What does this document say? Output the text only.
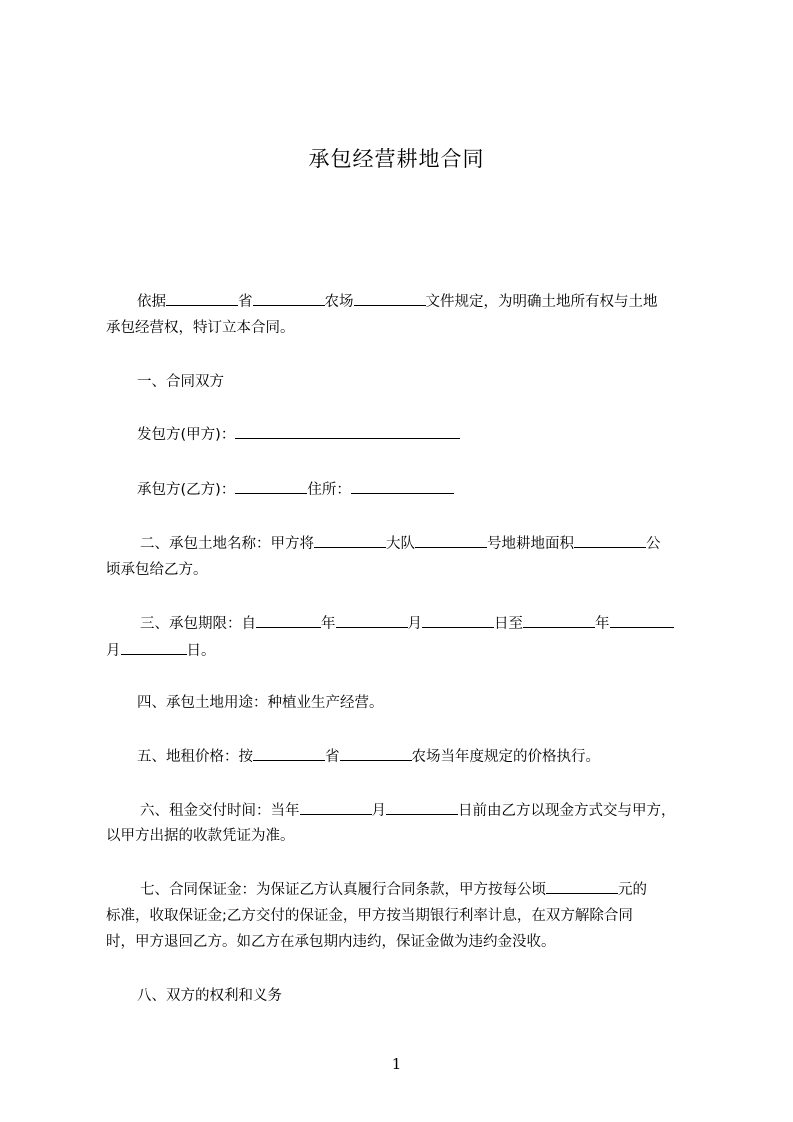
承包经营耕地合同
依据	省	农场	文件规定，为明确土地所有权与土地
承包经营权，特订立本合同。
一、合同双方
发包方(甲方)：
承包方(乙方)：	住所：
二、承包土地名称：甲方将	大队	号地耕地面积	公
顷承包给乙方。
三、承包期限：自	年	月	日至	年
月	日。
四、承包土地用途：种植业生产经营。
五、地租价格：按	省	农场当年度规定的价格执行。
六、租金交付时间：当年	月	日前由乙方以现金方式交与甲方，
以甲方出据的收款凭证为准。
七、合同保证金：为保证乙方认真履行合同条款，甲方按每公顷	元的
标准，收取保证金;乙方交付的保证金，甲方按当期银行利率计息，在双方解除合同
时，甲方退回乙方。如乙方在承包期内违约，保证金做为违约金没收。
八、双方的权利和义务
1
